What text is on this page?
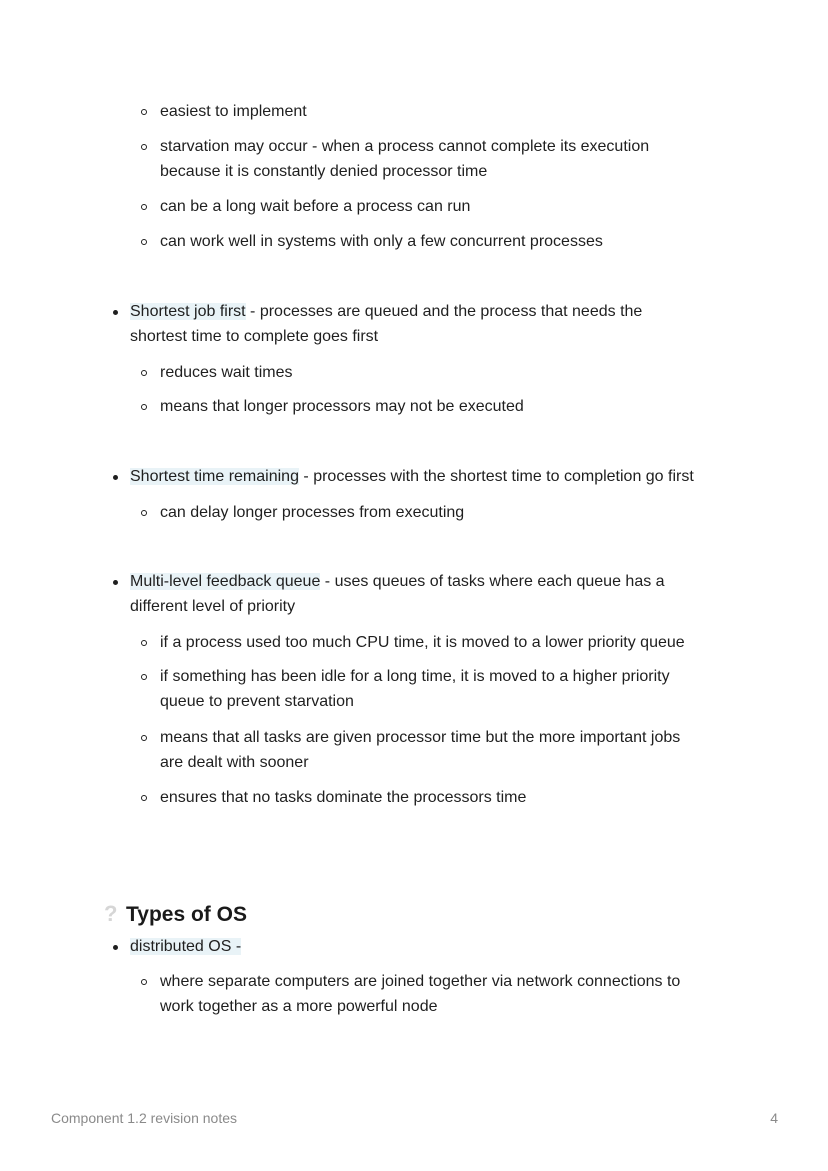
easiest to implement
starvation may occur - when a process cannot complete its execution
because it is constantly denied processor time
can be a long wait before a process can run
can work well in systems with only a few concurrent processes
Shortest job first - processes are queued and the process that needs the
shortest time to complete goes first
reduces wait times
means that longer processors may not be executed
Shortest time remaining - processes with the shortest time to completion go first
can delay longer processes from executing
Multi-level feedback queue - uses queues of tasks where each queue has a
different level of priority
if a process used too much CPU time, it is moved to a lower priority queue
if something has been idle for a long time, it is moved to a higher priority
queue to prevent starvation
means that all tasks are given processor time but the more important jobs
are dealt with sooner
ensures that no tasks dominate the processors time
? Types of OS
distributed OS -
where separate computers are joined together via network connections to
work together as a more powerful node
Component 1.2 revision notes	4
